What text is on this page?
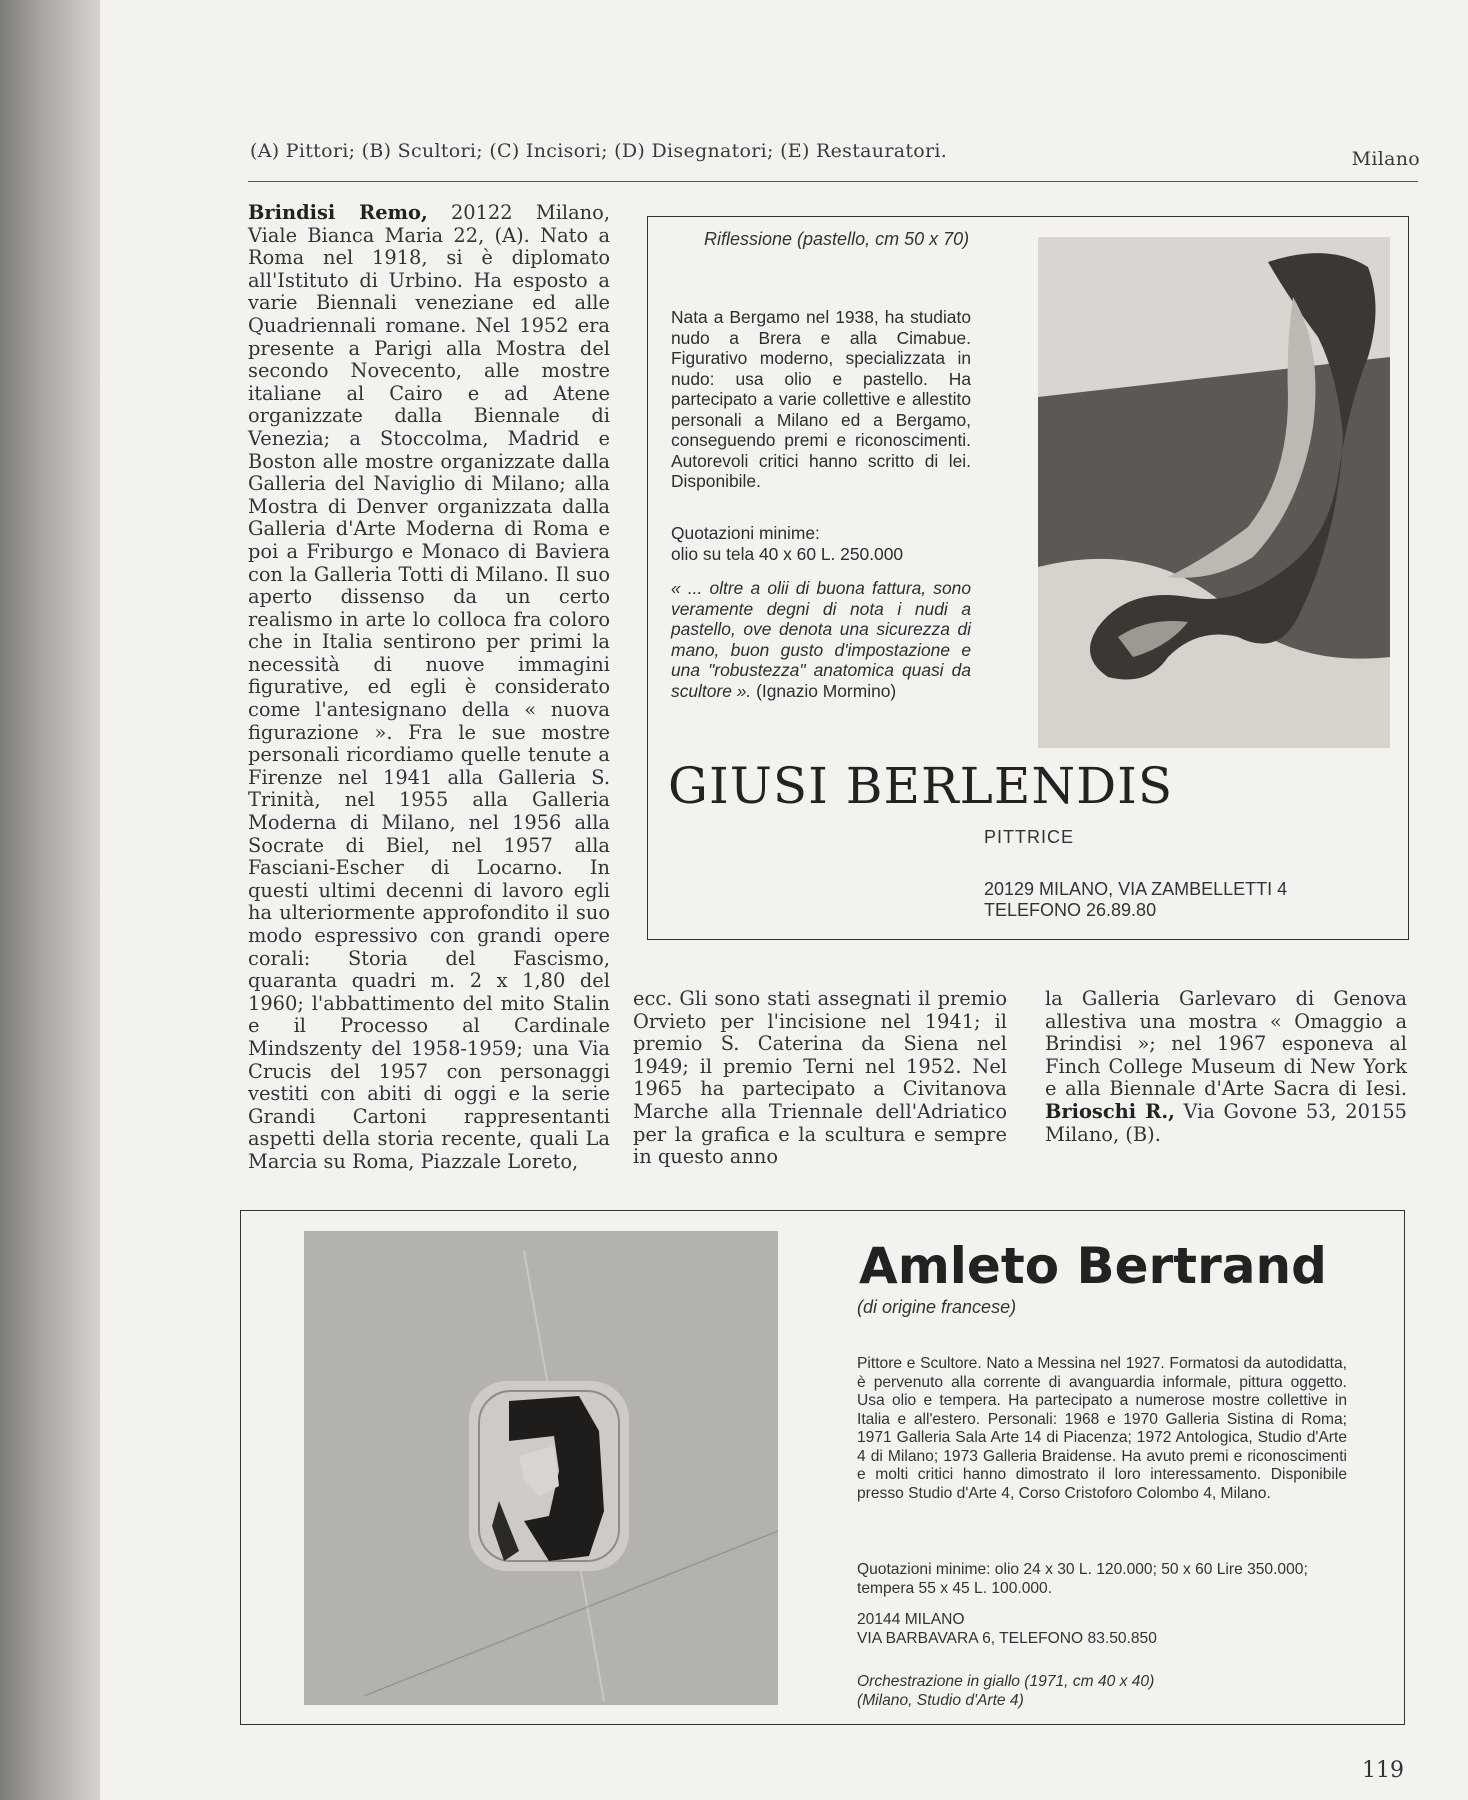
(A) Pittori; (B) Scultori; (C) Incisori; (D) Disegnatori; (E) Restauratori.	Milano
Brindisi Remo, 20122 Milano, Viale Bianca Maria 22, (A). Nato a Roma nel 1918, si è diplomato all'Istituto di Urbino. Ha esposto a varie Biennali veneziane ed alle Quadriennali romane. Nel 1952 era presente a Parigi alla Mostra del secondo Novecento, alle mostre italiane al Cairo e ad Atene organizzate dalla Biennale di Venezia; a Stoccolma, Madrid e Boston alle mostre organizzate dalla Galleria del Naviglio di Milano; alla Mostra di Denver organizzata dalla Galleria d'Arte Moderna di Roma e poi a Friburgo e Monaco di Baviera con la Galleria Totti di Milano. Il suo aperto dissenso da un certo realismo in arte lo colloca fra coloro che in Italia sentirono per primi la necessità di nuove immagini figurative, ed egli è considerato come l'antesignano della « nuova figurazione ». Fra le sue mostre personali ricordiamo quelle tenute a Firenze nel 1941 alla Galleria S. Trinità, nel 1955 alla Galleria Moderna di Milano, nel 1956 alla Socrate di Biel, nel 1957 alla Fasciani-Escher di Locarno. In questi ultimi decenni di lavoro egli ha ulteriormente approfondito il suo modo espressivo con grandi opere corali: Storia del Fascismo, quaranta quadri m. 2 x 1,80 del 1960; l'abbattimento del mito Stalin e il Processo al Cardinale Mindszenty del 1958-1959; una Via Crucis del 1957 con personaggi vestiti con abiti di oggi e la serie Grandi Cartoni rappresentanti aspetti della storia recente, quali La Marcia su Roma, Piazzale Loreto,
ecc. Gli sono stati assegnati il premio Orvieto per l'incisione nel 1941; il premio S. Caterina da Siena nel 1949; il premio Terni nel 1952. Nel 1965 ha partecipato a Civitanova Marche alla Triennale dell'Adriatico per la grafica e la scultura e sempre in questo anno
la Galleria Garlevaro di Genova allestiva una mostra « Omaggio a Brindisi »; nel 1967 esponeva al Finch College Museum di New York e alla Biennale d'Arte Sacra di Iesi. Brioschi R., Via Govone 53, 20155 Milano, (B).
Riflessione (pastello, cm 50 x 70)
Nata a Bergamo nel 1938, ha studiato nudo a Brera e alla Cimabue. Figurativo moderno, specializzata in nudo: usa olio e pastello. Ha partecipato a varie collettive e allestito personali a Milano ed a Bergamo, conseguendo premi e riconoscimenti. Autorevoli critici hanno scritto di lei. Disponibile.
Quotazioni minime:
olio su tela 40 x 60 L. 250.000
« ... oltre a olii di buona fattura, sono veramente degni di nota i nudi a pastello, ove denota una sicurezza di mano, buon gusto d'impostazione e una "robustezza" anatomica quasi da scultore ». (Ignazio Mormino)
GIUSI BERLENDIS
PITTRICE
20129 MILANO, VIA ZAMBELLETTI 4
TELEFONO 26.89.80
Amleto Bertrand
(di origine francese)
Pittore e Scultore. Nato a Messina nel 1927. Formatosi da autodidatta, è pervenuto alla corrente di avanguardia informale, pittura oggetto. Usa olio e tempera. Ha partecipato a numerose mostre collettive in Italia e all'estero. Personali: 1968 e 1970 Galleria Sistina di Roma; 1971 Galleria Sala Arte 14 di Piacenza; 1972 Antologica, Studio d'Arte 4 di Milano; 1973 Galleria Braidense. Ha avuto premi e riconoscimenti e molti critici hanno dimostrato il loro interessamento. Disponibile presso Studio d'Arte 4, Corso Cristoforo Colombo 4, Milano.
Quotazioni minime: olio 24 x 30 L. 120.000; 50 x 60 Lire 350.000; tempera 55 x 45 L. 100.000.
20144 MILANO
VIA BARBAVARA 6, TELEFONO 83.50.850
Orchestrazione in giallo (1971, cm 40 x 40)
(Milano, Studio d'Arte 4)
119
